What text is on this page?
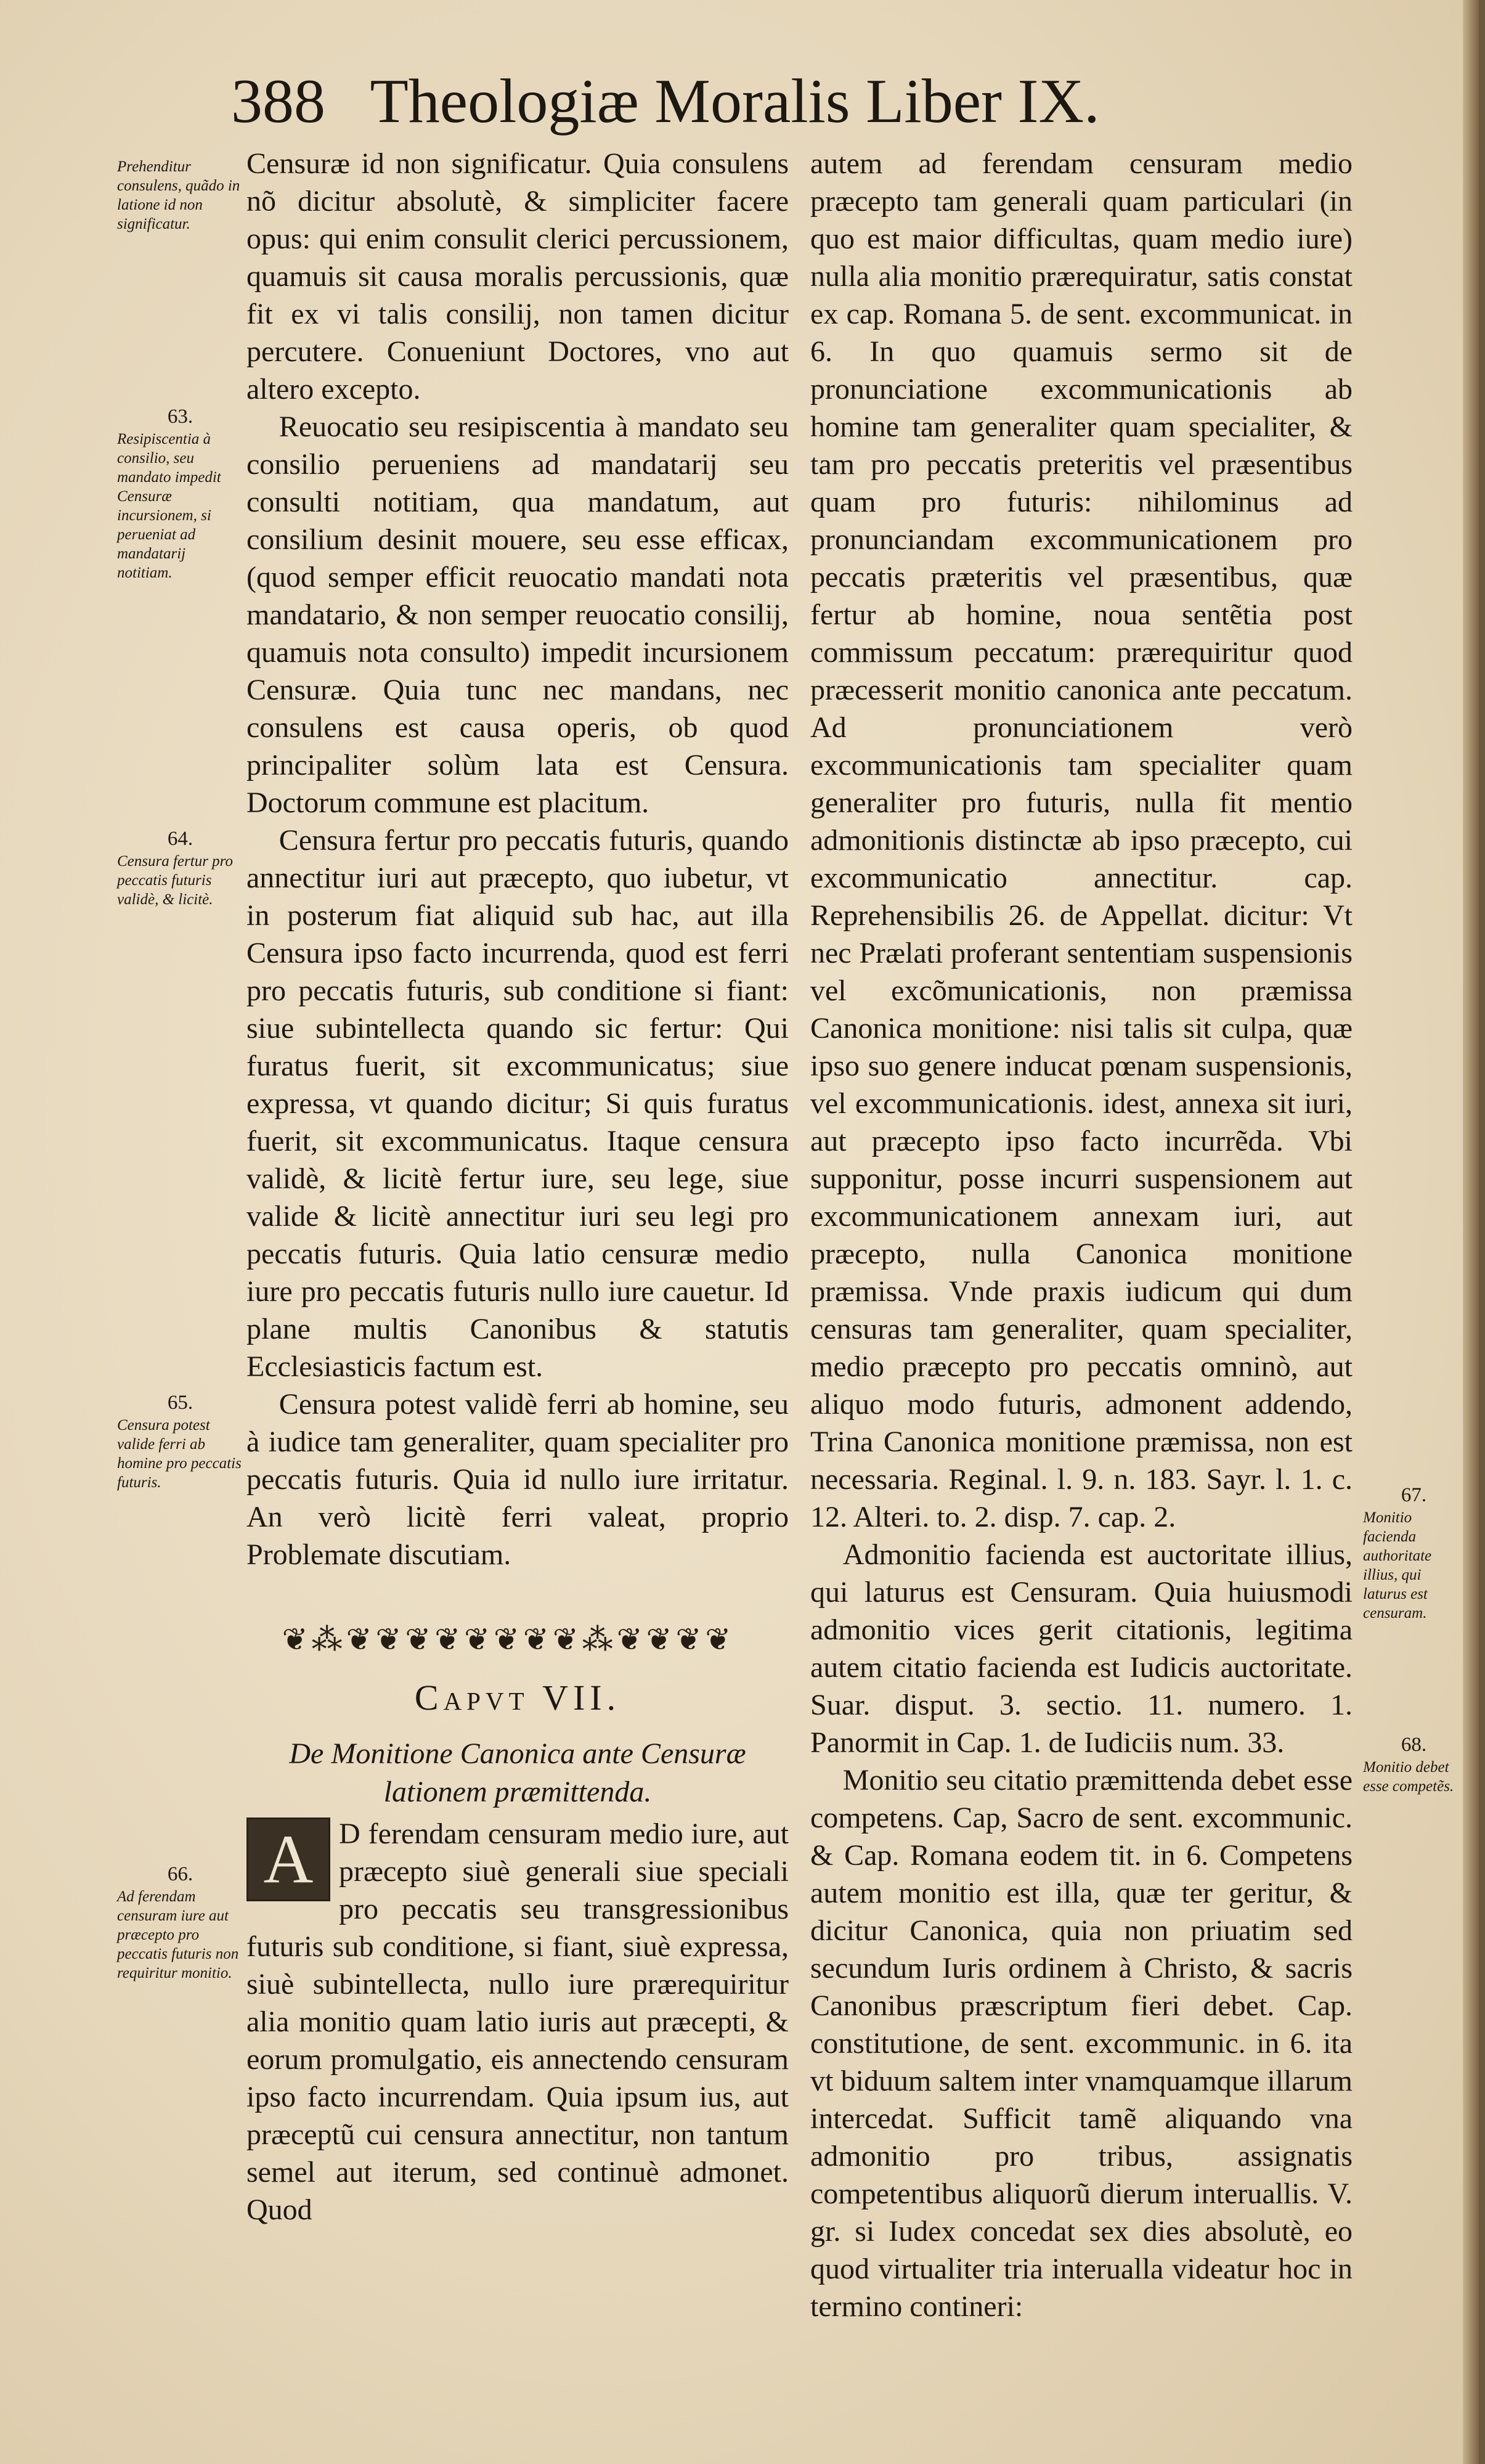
388 Theologiæ Moralis Liber IX.
Prehenditur consulens, quãdo in latione id non significatur.
63.
Resipiscentia à consilio, seu mandato impedit Censuræ incursionem, si perueniat ad mandatarij notitiam.
64.
Censura fertur pro peccatis futuris validè, & licitè.
65.
Censura potest valide ferri ab homine pro peccatis futuris.
66.
Ad ferendam censuram iure aut præcepto pro peccatis futuris non requiritur monitio.
67.
Monitio facienda authoritate illius, qui laturus est censuram.
68.
Monitio debet esse competẽs.

Censuræ id non significatur. Quia consulens nõ dicitur absolutè, & simpliciter facere opus: qui enim consulit clerici percussionem, quamuis sit causa moralis percussionis, quæ fit ex vi talis consilij, non tamen dicitur percutere. Conueniunt Doctores, vno aut altero excepto.

Reuocatio seu resipiscentia à mandato seu consilio perueniens ad mandatarij seu consulti notitiam, qua mandatum, aut consilium desinit mouere, seu esse efficax, (quod semper efficit reuocatio mandati nota mandatario, & non semper reuocatio consilij, quamuis nota consulto) impedit incursionem Censuræ. Quia tunc nec mandans, nec consulens est causa operis, ob quod principaliter solùm lata est Censura. Doctorum commune est placitum.

Censura fertur pro peccatis futuris, quando annectitur iuri aut præcepto, quo iubetur, vt in posterum fiat aliquid sub hac, aut illa Censura ipso facto incurrenda, quod est ferri pro peccatis futuris, sub conditione si fiant: siue subintellecta quando sic fertur: Qui furatus fuerit, sit excommunicatus; siue expressa, vt quando dicitur; Si quis furatus fuerit, sit excommunicatus. Itaque censura validè, & licitè fertur iure, seu lege, siue valide & licitè annectitur iuri seu legi pro peccatis futuris. Quia latio censuræ medio iure pro peccatis futuris nullo iure cauetur. Id plane multis Canonibus & statutis Ecclesiasticis factum est.

Censura potest validè ferri ab homine, seu à iudice tam generaliter, quam specialiter pro peccatis futuris. Quia id nullo iure irritatur. An verò licitè ferri valeat, proprio Problemate discutiam.

❦⁂❦❦❦❦❦❦❦❦⁂❦❦❦❦
Capvt VII.
De Monitione Canonica ante Censuræ lationem præmittenda.

A D ferendam censuram medio iure, aut præcepto siuè generali siue speciali pro peccatis seu transgressionibus futuris sub conditione, si fiant, siuè expressa, siuè subintellecta, nullo iure prærequiritur alia monitio quam latio iuris aut præcepti, & eorum promulgatio, eis annectendo censuram ipso facto incurrendam. Quia ipsum ius, aut præceptũ cui censura annectitur, non tantum semel aut iterum, sed continuè admonet. Quod

autem ad ferendam censuram medio præcepto tam generali quam particulari (in quo est maior difficultas, quam medio iure) nulla alia monitio prærequiratur, satis constat ex cap. Romana 5. de sent. excommunicat. in 6. In quo quamuis sermo sit de pronunciatione excommunicationis ab homine tam generaliter quam specialiter, & tam pro peccatis preteritis vel præsentibus quam pro futuris: nihilominus ad pronunciandam excommunicationem pro peccatis præteritis vel præsentibus, quæ fertur ab homine, noua sentẽtia post commissum peccatum: prærequiritur quod præcesserit monitio canonica ante peccatum. Ad pronunciationem verò excommunicationis tam specialiter quam generaliter pro futuris, nulla fit mentio admonitionis distinctæ ab ipso præcepto, cui excommunicatio annectitur. cap. Reprehensibilis 26. de Appellat. dicitur: Vt nec Prælati proferant sententiam suspensionis vel excõmunicationis, non præmissa Canonica monitione: nisi talis sit culpa, quæ ipso suo genere inducat pœnam suspensionis, vel excommunicationis. idest, annexa sit iuri, aut præcepto ipso facto incurrẽda. Vbi supponitur, posse incurri suspensionem aut excommunicationem annexam iuri, aut præcepto, nulla Canonica monitione præmissa. Vnde praxis iudicum qui dum censuras tam generaliter, quam specialiter, medio præcepto pro peccatis omninò, aut aliquo modo futuris, admonent addendo, Trina Canonica monitione præmissa, non est necessaria. Reginal. l. 9. n. 183. Sayr. l. 1. c. 12. Alteri. to. 2. disp. 7. cap. 2.

Admonitio facienda est auctoritate illius, qui laturus est Censuram. Quia huiusmodi admonitio vices gerit citationis, legitima autem citatio facienda est Iudicis auctoritate. Suar. disput. 3. sectio. 11. numero. 1. Panormit in Cap. 1. de Iudiciis num. 33.

Monitio seu citatio præmittenda debet esse competens. Cap, Sacro de sent. excommunic. & Cap. Romana eodem tit. in 6. Competens autem monitio est illa, quæ ter geritur, & dicitur Canonica, quia non priuatim sed secundum Iuris ordinem à Christo, & sacris Canonibus præscriptum fieri debet. Cap. constitutione, de sent. excommunic. in 6. ita vt biduum saltem inter vnamquamque illarum intercedat. Sufficit tamẽ aliquando vna admonitio pro tribus, assignatis competentibus aliquorũ dierum interuallis. V. gr. si Iudex concedat sex dies absolutè, eo quod virtualiter tria interualla videatur hoc in termino contineri:
